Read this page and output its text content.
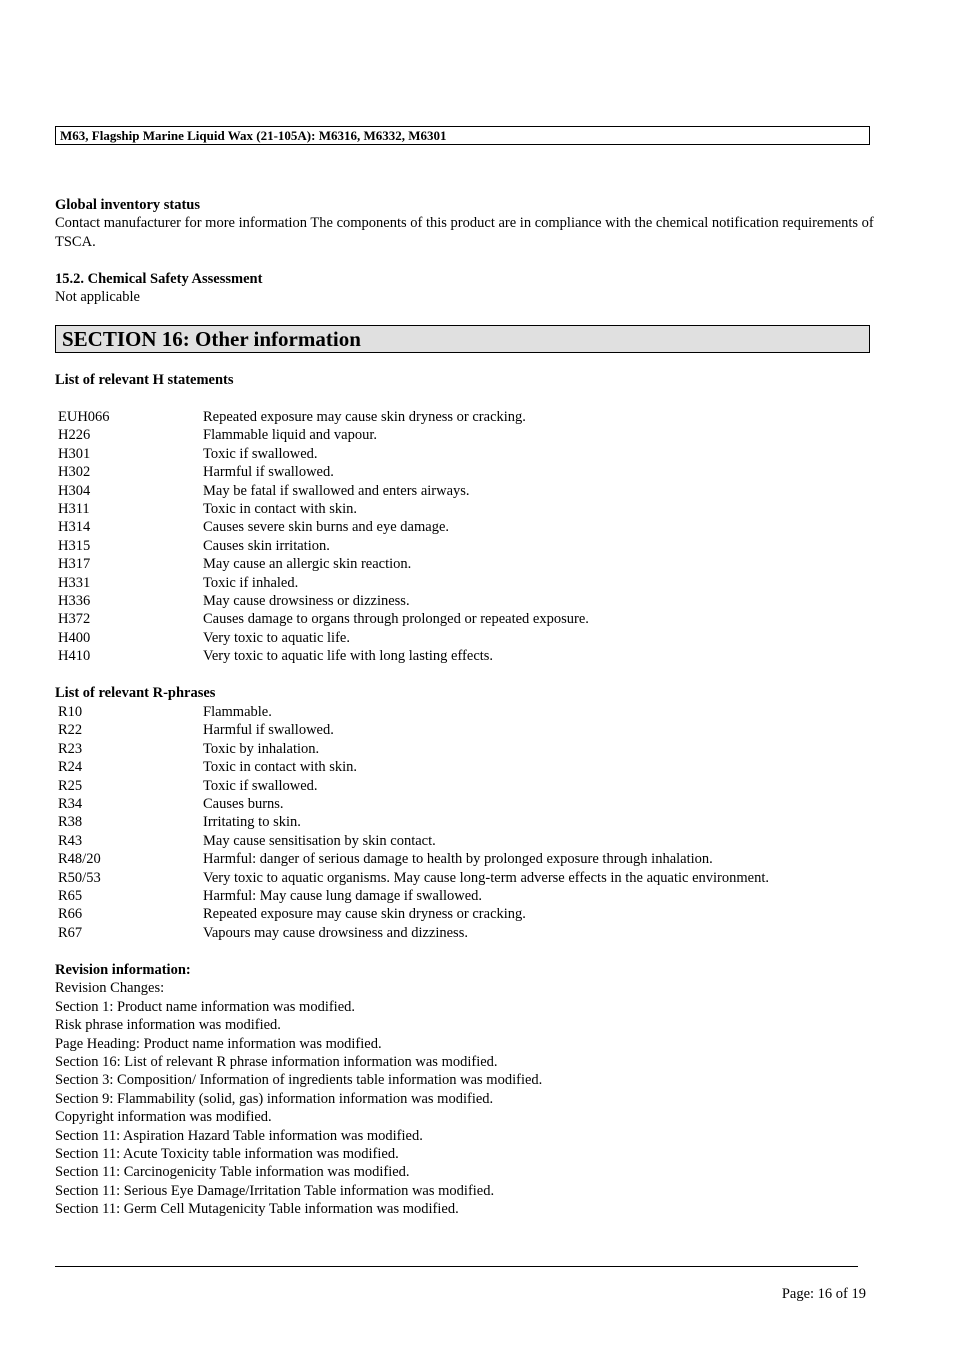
M63, Flagship Marine Liquid Wax (21-105A): M6316, M6332, M6301
Global inventory status
Contact manufacturer for more information The components of this product are in compliance with the chemical notification requirements of TSCA.
15.2. Chemical Safety Assessment
Not applicable
SECTION 16: Other information
List of relevant H statements
EUH066	Repeated exposure may cause skin dryness or cracking.
H226	Flammable liquid and vapour.
H301	Toxic if swallowed.
H302	Harmful if swallowed.
H304	May be fatal if swallowed and enters airways.
H311	Toxic in contact with skin.
H314	Causes severe skin burns and eye damage.
H315	Causes skin irritation.
H317	May cause an allergic skin reaction.
H331	Toxic if inhaled.
H336	May cause drowsiness or dizziness.
H372	Causes damage to organs through prolonged or repeated exposure.
H400	Very toxic to aquatic life.
H410	Very toxic to aquatic life with long lasting effects.
List of relevant R-phrases
R10	Flammable.
R22	Harmful if swallowed.
R23	Toxic by inhalation.
R24	Toxic in contact with skin.
R25	Toxic if swallowed.
R34	Causes burns.
R38	Irritating to skin.
R43	May cause sensitisation by skin contact.
R48/20	Harmful: danger of serious damage to health by prolonged exposure through inhalation.
R50/53	Very toxic to aquatic organisms. May cause long-term adverse effects in the aquatic environment.
R65	Harmful: May cause lung damage if swallowed.
R66	Repeated exposure may cause skin dryness or cracking.
R67	Vapours may cause drowsiness and dizziness.
Revision information:
Revision Changes:
Section 1: Product name information was modified.
Risk phrase information was modified.
Page Heading: Product name information was modified.
Section 16: List of relevant R phrase information information was modified.
Section 3: Composition/ Information of ingredients table information was modified.
Section 9: Flammability (solid, gas) information information was modified.
Copyright information was modified.
Section 11: Aspiration Hazard Table information was modified.
Section 11: Acute Toxicity table information was modified.
Section 11: Carcinogenicity Table information was modified.
Section 11: Serious Eye Damage/Irritation Table information was modified.
Section 11: Germ Cell Mutagenicity Table information was modified.
Page: 16 of 19
